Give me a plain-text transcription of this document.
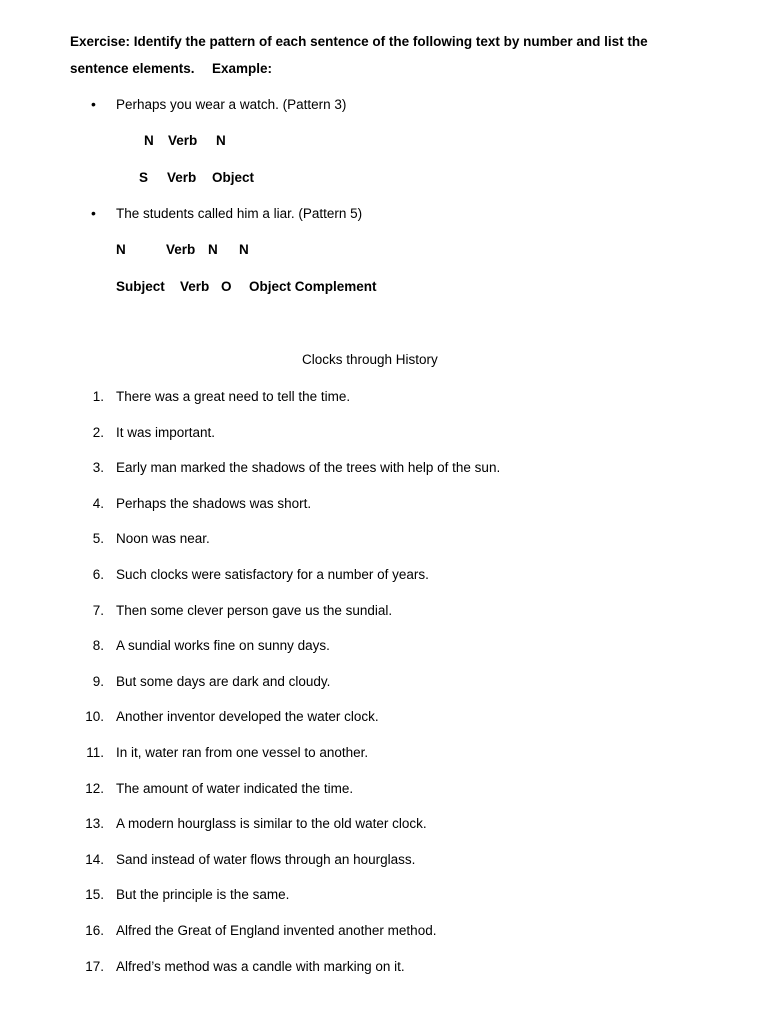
Exercise: Identify the pattern of each sentence of the following text by number and list the
sentence elements. Example:
• Perhaps you wear a watch. (Pattern 3)
N Verb N
S Verb Object
• The students called him a liar. (Pattern 5)
N	Verb N N
Subject Verb O Object Complement
Clocks through History
1. There was a great need to tell the time.
2. It was important.
3. Early man marked the shadows of the trees with help of the sun.
4. Perhaps the shadows was short.
5. Noon was near.
6. Such clocks were satisfactory for a number of years.
7. Then some clever person gave us the sundial.
8. A sundial works fine on sunny days.
9. But some days are dark and cloudy.
10. Another inventor developed the water clock.
11. In it, water ran from one vessel to another.
12. The amount of water indicated the time.
13. A modern hourglass is similar to the old water clock.
14. Sand instead of water flows through an hourglass.
15. But the principle is the same.
16. Alfred the Great of England invented another method.
17. Alfred’s method was a candle with marking on it.
